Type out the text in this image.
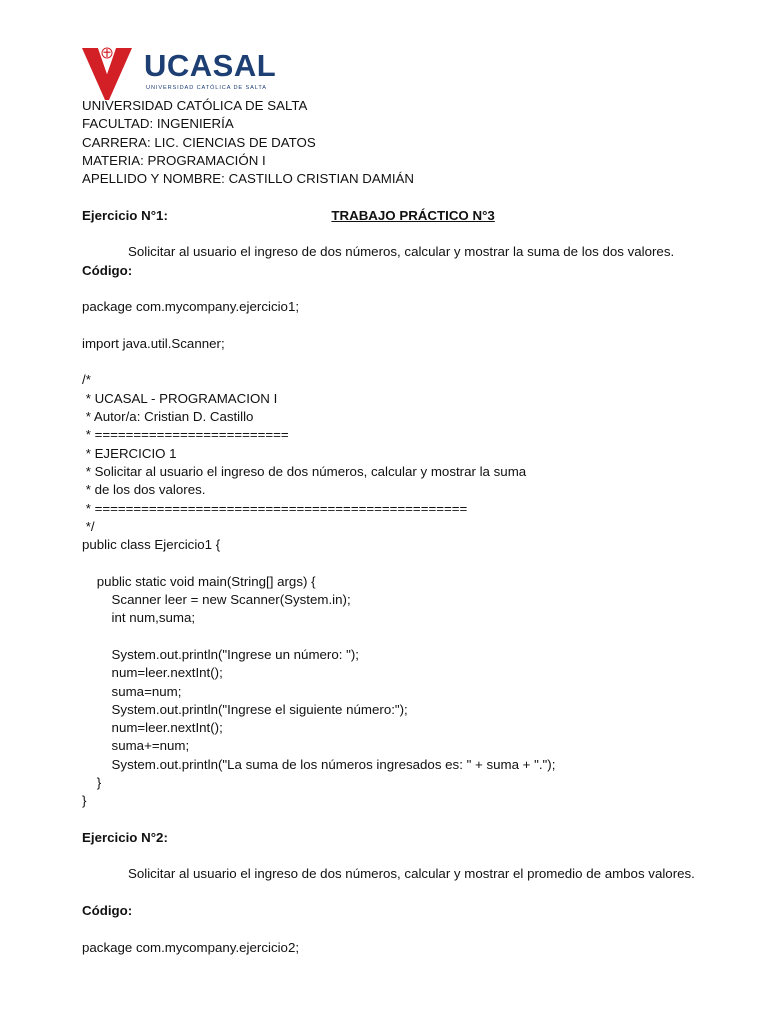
UCASAL
UNIVERSIDAD CATÓLICA DE SALTA
UNIVERSIDAD CATÓLICA DE SALTA
FACULTAD: INGENIERÍA
CARRERA: LIC. CIENCIAS DE DATOS
MATERIA: PROGRAMACIÓN I
APELLIDO Y NOMBRE: CASTILLO CRISTIAN DAMIÁN

TRABAJO PRÁCTICO N°3

Ejercicio N°1:
Solicitar al usuario el ingreso de dos números, calcular y mostrar la suma de los dos valores.
Código:
package com.mycompany.ejercicio1;
import java.util.Scanner;
/*
* UCASAL - PROGRAMACION I
* Autor/a: Cristian D. Castillo
* =========================
* EJERCICIO 1
* Solicitar al usuario el ingreso de dos números, calcular y mostrar la suma
* de los dos valores.
* ================================================
*/
public class Ejercicio1 {
public static void main(String[] args) {
Scanner leer = new Scanner(System.in);
int num,suma;
System.out.println("Ingrese un número: ");
num=leer.nextInt();
suma=num;
System.out.println("Ingrese el siguiente número:");
num=leer.nextInt();
suma+=num;
System.out.println("La suma de los números ingresados es: " + suma + ".");
}
}
Ejercicio N°2:
Solicitar al usuario el ingreso de dos números, calcular y mostrar el promedio de ambos valores.
Código:
package com.mycompany.ejercicio2;
